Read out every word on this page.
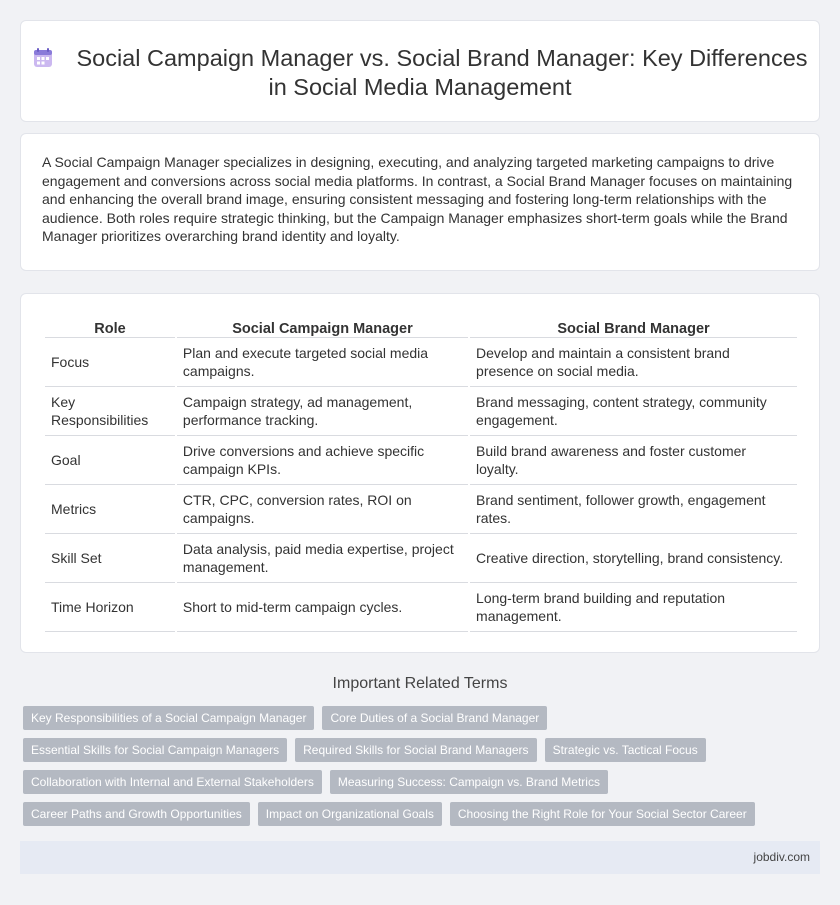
Social Campaign Manager vs. Social Brand Manager: Key Differences in Social Media Management
A Social Campaign Manager specializes in designing, executing, and analyzing targeted marketing campaigns to drive engagement and conversions across social media platforms. In contrast, a Social Brand Manager focuses on maintaining and enhancing the overall brand image, ensuring consistent messaging and fostering long-term relationships with the audience. Both roles require strategic thinking, but the Campaign Manager emphasizes short-term goals while the Brand Manager prioritizes overarching brand identity and loyalty.
Role	Social Campaign Manager	Social Brand Manager
Focus	Plan and execute targeted social media campaigns.	Develop and maintain a consistent brand presence on social media.
Key Responsibilities	Campaign strategy, ad management, performance tracking.	Brand messaging, content strategy, community engagement.
Goal	Drive conversions and achieve specific campaign KPIs.	Build brand awareness and foster customer loyalty.
Metrics	CTR, CPC, conversion rates, ROI on campaigns.	Brand sentiment, follower growth, engagement rates.
Skill Set	Data analysis, paid media expertise, project management.	Creative direction, storytelling, brand consistency.
Time Horizon	Short to mid-term campaign cycles.	Long-term brand building and reputation management.
Important Related Terms
Key Responsibilities of a Social Campaign Manager	Core Duties of a Social Brand Manager
Essential Skills for Social Campaign Managers	Required Skills for Social Brand Managers	Strategic vs. Tactical Focus
Collaboration with Internal and External Stakeholders	Measuring Success: Campaign vs. Brand Metrics
Career Paths and Growth Opportunities	Impact on Organizational Goals	Choosing the Right Role for Your Social Sector Career
jobdiv.com
